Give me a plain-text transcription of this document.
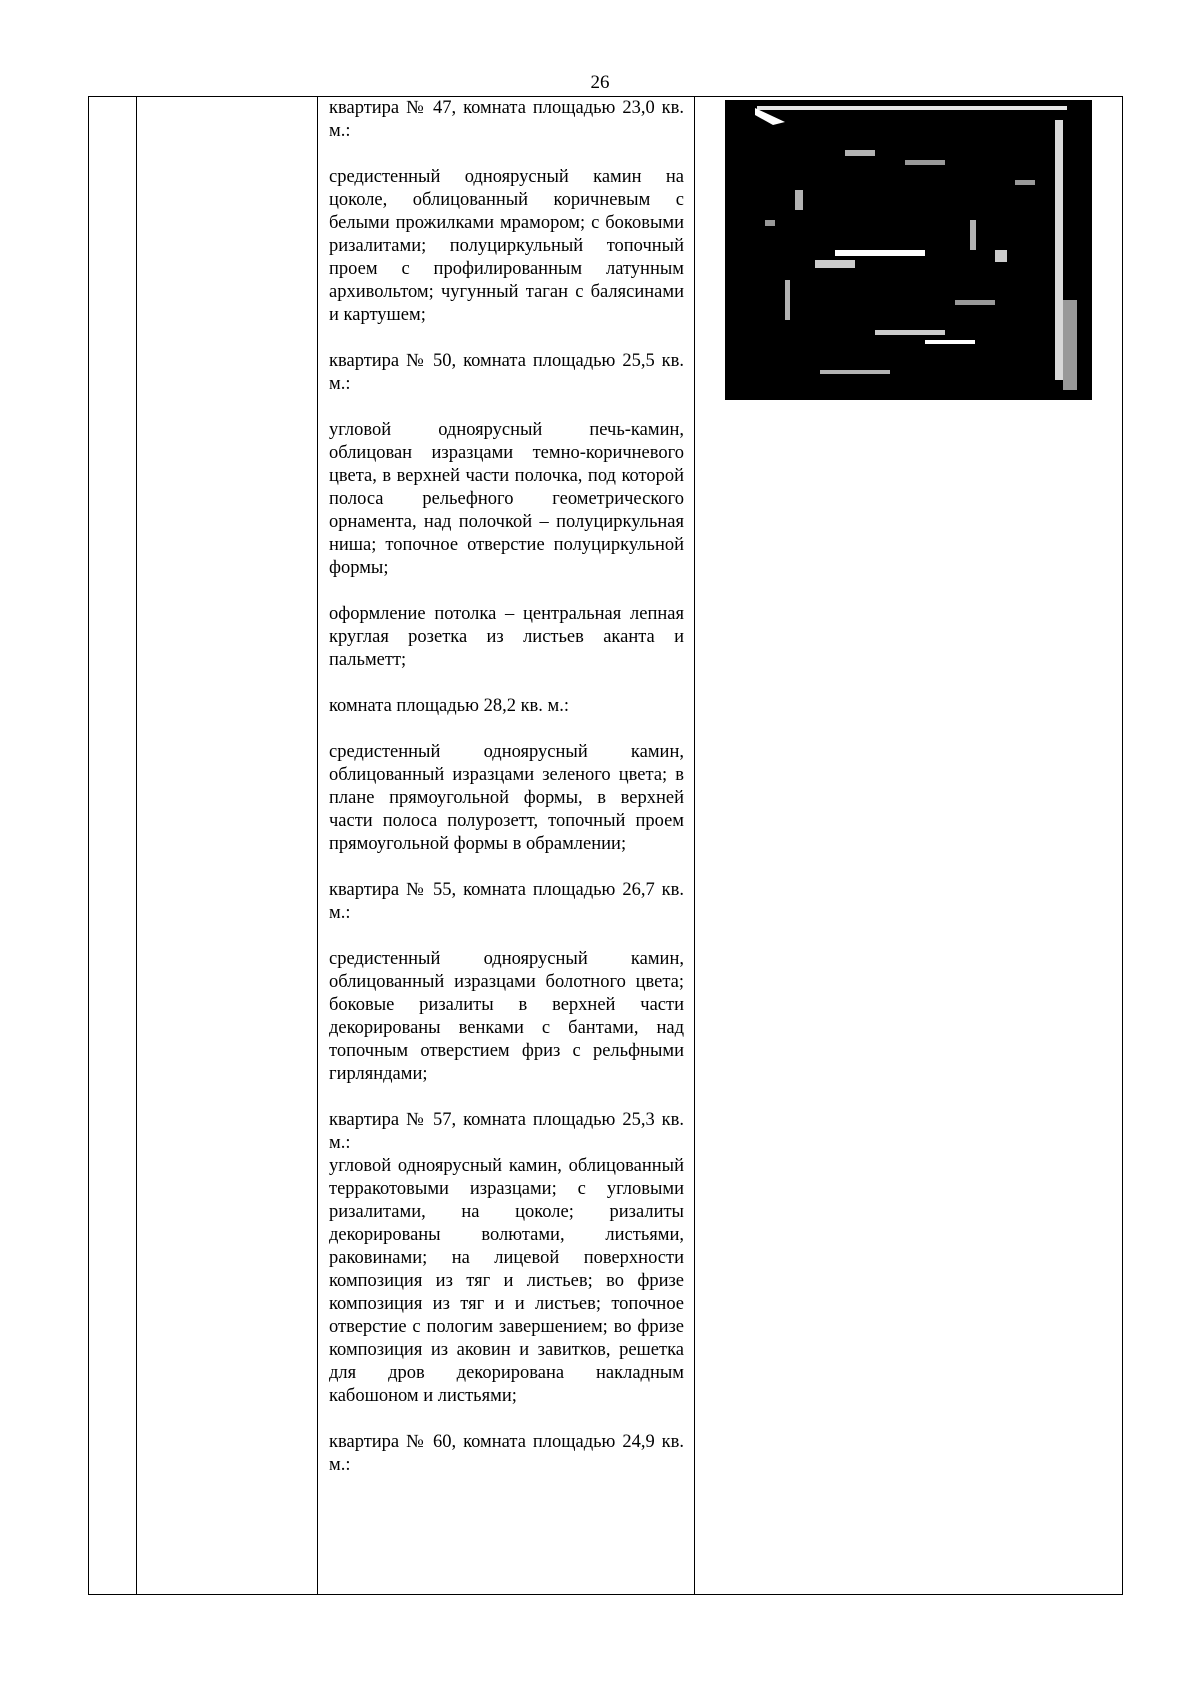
26

квартира № 47, комната площадью 23,0 кв. м.:

средистенный одноярусный камин на цоколе, облицованный коричневым с белыми прожилками мрамором; с боковыми ризалитами; полуциркульный топочный проем с профилированным латунным архивольтом; чугунный таган с балясинами и картушем;

квартира № 50, комната площадью 25,5 кв. м.:

угловой одноярусный печь-камин, облицован изразцами темно-коричневого цвета, в верхней части полочка, под которой полоса рельефного геометрического орнамента, над полочкой – полуциркульная ниша; топочное отверстие полуциркульной формы;

оформление потолка – центральная лепная круглая розетка из листьев аканта и пальметт;

комната площадью 28,2 кв. м.:

средистенный одноярусный камин, облицованный изразцами зеленого цвета; в плане прямоугольной формы, в верхней части полоса полурозетт, топочный проем прямоугольной формы в обрамлении;

квартира № 55, комната площадью 26,7 кв. м.:

средистенный одноярусный камин, облицованный изразцами болотного цвета; боковые ризалиты в верхней части декорированы венками с бантами, над топочным отверстием фриз с рельфными гирляндами;

квартира № 57, комната площадью 25,3 кв. м.:

угловой одноярусный камин, облицованный терракотовыми изразцами; с угловыми ризалитами, на цоколе; ризалиты декорированы волютами, листьями, раковинами; на лицевой поверхности композиция из тяг и листьев; во фризе композиция из тяг и и листьев; топочное отверстие с пологим завершением; во фризе композиция из аковин и завитков, решетка для дров декорирована накладным кабошоном и листьями;

квартира № 60, комната площадью 24,9 кв. м.:
